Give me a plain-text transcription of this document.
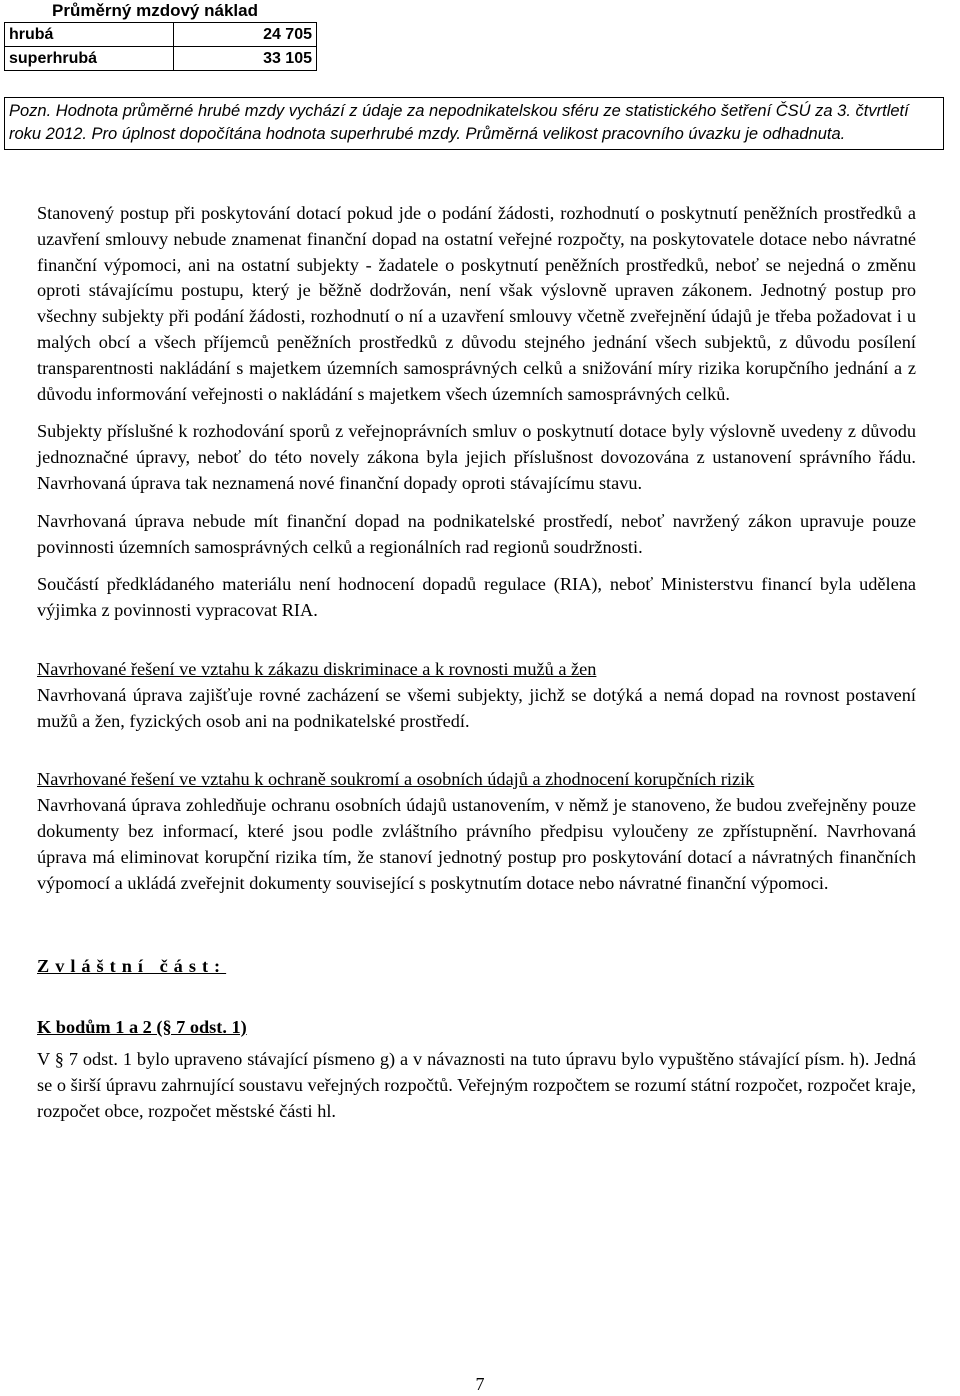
Průměrný mzdový náklad
hrubá	24 705
superhrubá	33 105
Pozn. Hodnota průměrné hrubé mzdy vychází z údaje za nepodnikatelskou sféru ze statistického šetření ČSÚ za 3. čtvrtletí roku 2012. Pro úplnost dopočítána hodnota superhrubé mzdy. Průměrná velikost pracovního úvazku je odhadnuta.

Stanovený postup při poskytování dotací pokud jde o podání žádosti, rozhodnutí o poskytnutí peněžních prostředků a uzavření smlouvy nebude znamenat finanční dopad na ostatní veřejné rozpočty, na poskytovatele dotace nebo návratné finanční výpomoci, ani na ostatní subjekty - žadatele o poskytnutí peněžních prostředků, neboť se nejedná o změnu oproti stávajícímu postupu, který je běžně dodržován, není však výslovně upraven zákonem. Jednotný postup pro všechny subjekty při podání žádosti, rozhodnutí o ní a uzavření smlouvy včetně zveřejnění údajů je třeba požadovat i u malých obcí a všech příjemců peněžních prostředků z důvodu stejného jednání všech subjektů, z důvodu posílení transparentnosti nakládání s majetkem územních samosprávných celků a snižování míry rizika korupčního jednání a z důvodu informování veřejnosti o nakládání s majetkem všech územních samosprávných celků.

Subjekty příslušné k rozhodování sporů z veřejnoprávních smluv o poskytnutí dotace byly výslovně uvedeny z důvodu jednoznačné úpravy, neboť do této novely zákona byla jejich příslušnost dovozována z ustanovení správního řádu. Navrhovaná úprava tak neznamená nové finanční dopady oproti stávajícímu stavu.

Navrhovaná úprava nebude mít finanční dopad na podnikatelské prostředí, neboť navržený zákon upravuje pouze povinnosti územních samosprávných celků a regionálních rad regionů soudržnosti.

Součástí předkládaného materiálu není hodnocení dopadů regulace (RIA), neboť Ministerstvu financí byla udělena výjimka z povinnosti vypracovat RIA.

Navrhované řešení ve vztahu k zákazu diskriminace a k rovnosti mužů a žen

Navrhovaná úprava zajišťuje rovné zacházení se všemi subjekty, jichž se dotýká a nemá dopad na rovnost postavení mužů a žen, fyzických osob ani na podnikatelské prostředí.

Navrhované řešení ve vztahu k ochraně soukromí a osobních údajů a zhodnocení korupčních rizik

Navrhovaná úprava zohledňuje ochranu osobních údajů ustanovením, v němž je stanoveno, že budou zveřejněny pouze dokumenty bez informací, které jsou podle zvláštního právního předpisu vyloučeny ze zpřístupnění. Navrhovaná úprava má eliminovat korupční rizika tím, že stanoví jednotný postup pro poskytování dotací a návratných finančních výpomocí a ukládá zveřejnit dokumenty související s poskytnutím dotace nebo návratné finanční výpomoci.

Zvláštní část:

K bodům 1 a 2 (§ 7 odst. 1)

V § 7 odst. 1 bylo upraveno stávající písmeno g) a v návaznosti na tuto úpravu bylo vypuštěno stávající písm. h). Jedná se o širší úpravu zahrnující soustavu veřejných rozpočtů. Veřejným rozpočtem se rozumí státní rozpočet, rozpočet kraje, rozpočet obce, rozpočet městské části hl.

7
